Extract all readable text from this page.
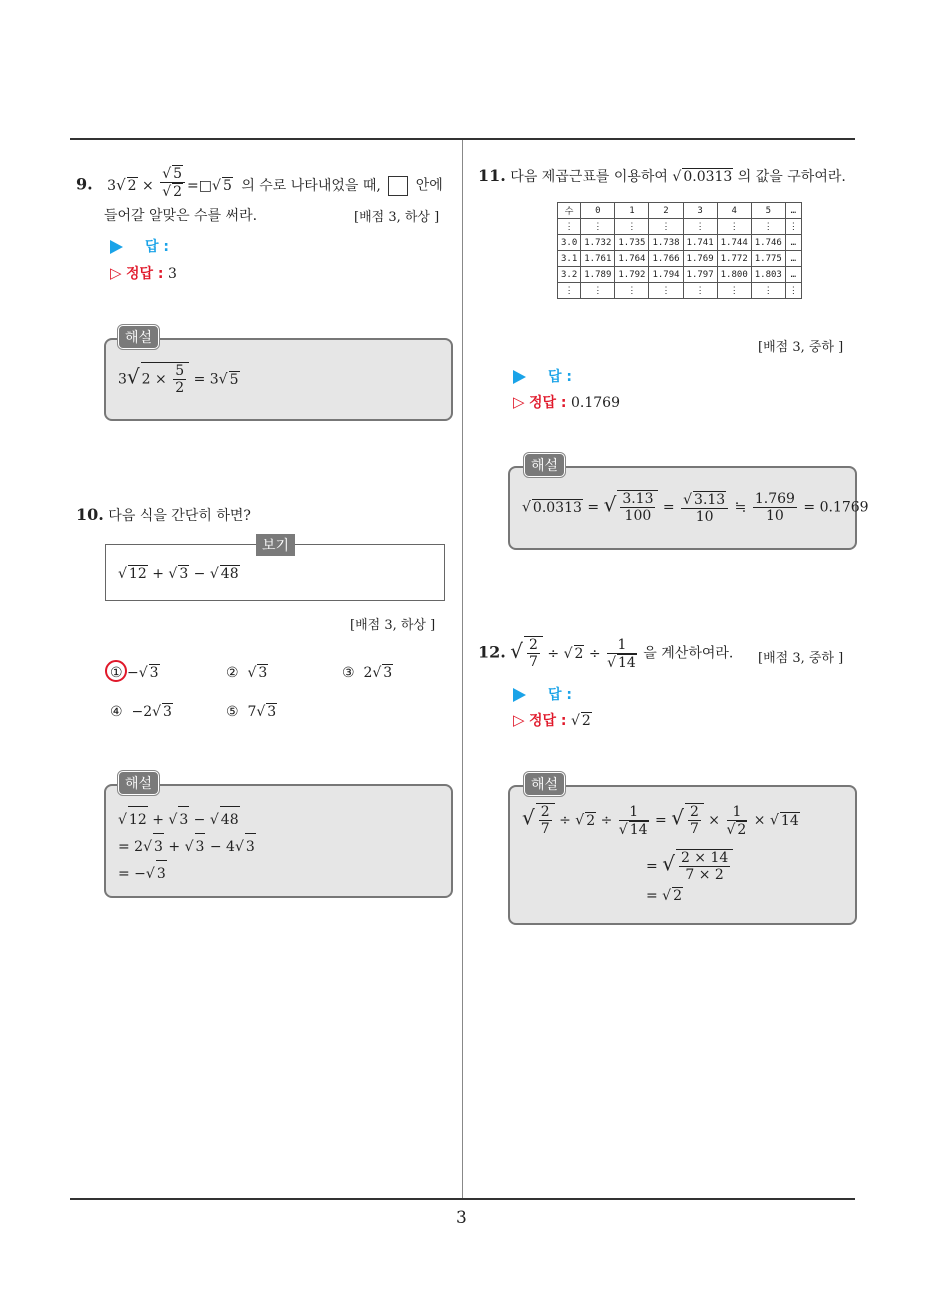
3
9. 3√ $2 \times \frac{√ 5}{√ 2}$ =□√ 5 의 수로 나타내었을 때, 안에
들어갈 알맞은 수를 써라.	[배점 3, 하상 ]
답 :
▷ 정답 : 3
3√ $2 \times \frac{5}{2} = 3√$ 5
해설
10. 다음 식을 간단히 하면?
√ 12 + √ 3 − √ 48
보기
[배점 3, 하상 ]
① −√ 3	②  √ 3	③  2√ 3
④  −2√ 3	⑤  7√ 3
√ 12 + √ 3 − √ 48
= 2√ 3 + √ 3 − 4√ 3
= −√ 3
해설
11. 다음 제곱근표를 이용하여 √ 0.0313 의 값을 구하여라.
수	0	1	2	3	4	5	…
⋮	⋮	⋮	⋮	⋮	⋮	⋮	⋮
3.0	1.732	1.735	1.738	1.741	1.744	1.746	…
3.1	1.761	1.764	1.766	1.769	1.772	1.775	…
3.2	1.789	1.792	1.794	1.797	1.800	1.803	…
⋮	⋮	⋮	⋮	⋮	⋮	⋮	⋮
[배점 3, 중하 ]
답 :
▷ 정답 : 0.1769
√ 0.0313 = √ $\frac{3.13}{100} = \frac{√ 3.13}{10}$ ≒ $\frac{1.769}{10} = 0.1769$
해설
12. √ $\frac{2}{7}$ ÷ √ $2 \div \frac{1}{√ 14}$ 을 계산하여라. [배점 3, 중하 ]
답 :
▷ 정답 : √ 2
√ $\frac{2}{7}$ ÷ √ $2 \div \frac{1}{√ 14}$ = √ $\frac{2}{7} \times \frac{1}{√ 2}$ × √ 14
= √ $\frac{2 \times 14}{7 \times 2}$
= √ 2
해설
